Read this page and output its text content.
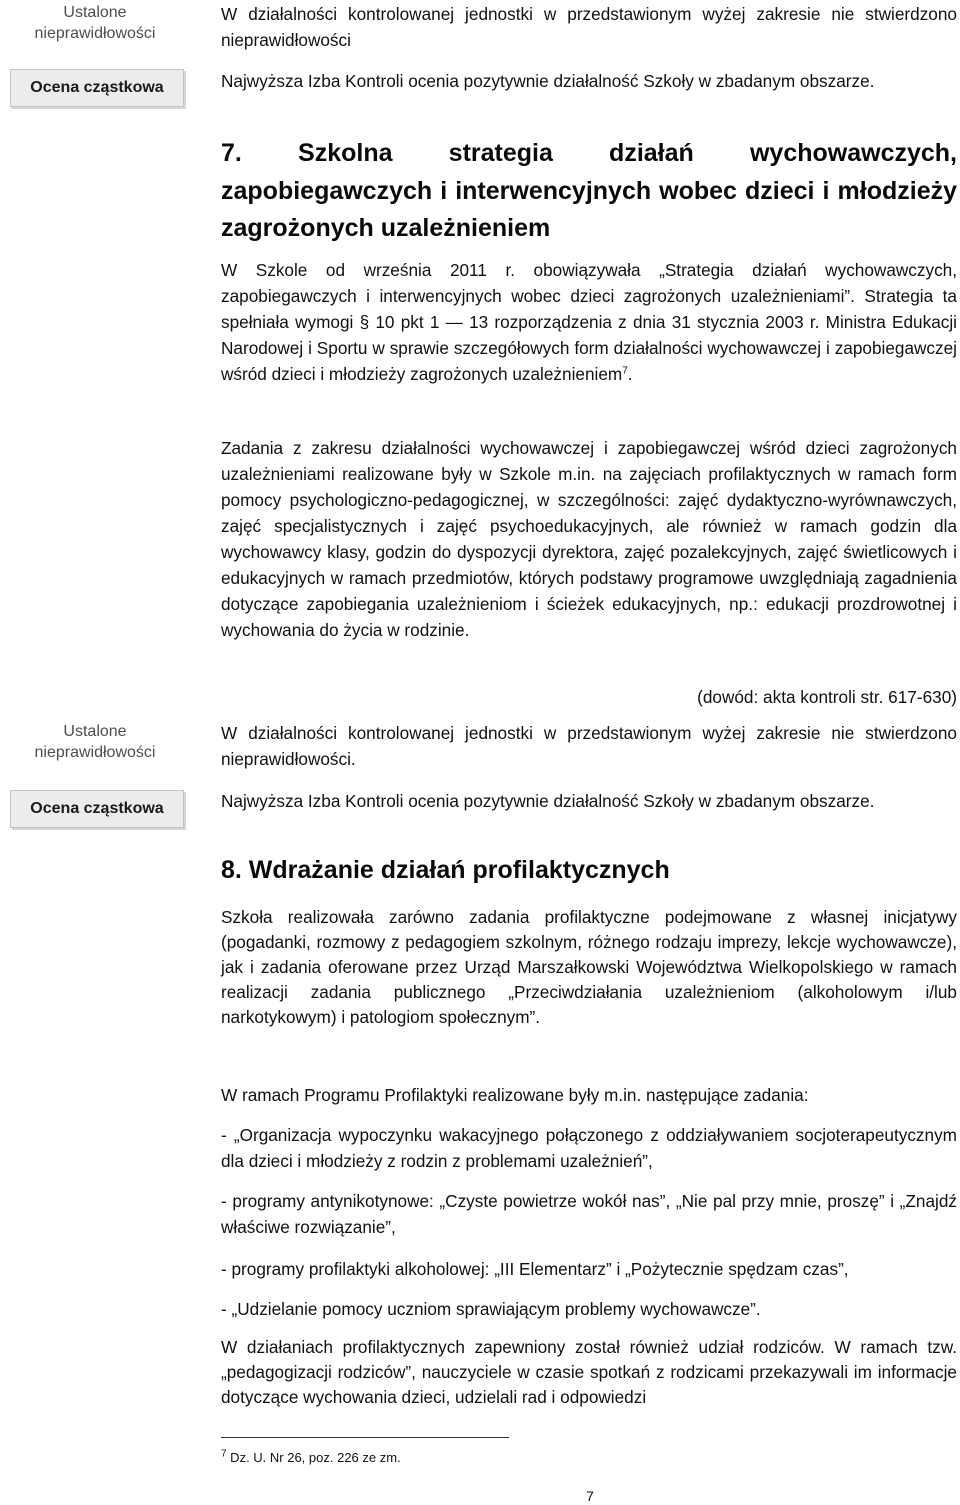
Ustalone
nieprawidłowości
Ocena cząstkowa
Ustalone
nieprawidłowości
Ocena cząstkowa
W działalności kontrolowanej jednostki w przedstawionym wyżej zakresie nie stwierdzono nieprawidłowości
Najwyższa Izba Kontroli ocenia pozytywnie działalność Szkoły w zbadanym obszarze.
7. Szkolna strategia działań wychowawczych, zapobiegawczych i interwencyjnych wobec dzieci i młodzieży zagrożonych uzależnieniem
W Szkole od września 2011 r. obowiązywała „Strategia działań wychowawczych, zapobiegawczych i interwencyjnych wobec dzieci zagrożonych uzależnieniami”. Strategia ta spełniała wymogi § 10 pkt 1 — 13 rozporządzenia z dnia 31 stycznia 2003 r. Ministra Edukacji Narodowej i Sportu w sprawie szczegółowych form działalności wychowawczej i zapobiegawczej wśród dzieci i młodzieży zagrożonych uzależnieniem$^7$.
Zadania z zakresu działalności wychowawczej i zapobiegawczej wśród dzieci zagrożonych uzależnieniami realizowane były w Szkole m.in. na zajęciach profilaktycznych w ramach form pomocy psychologiczno-pedagogicznej, w szczególności: zajęć dydaktyczno-wyrównawczych, zajęć specjalistycznych i zajęć psychoedukacyjnych, ale również w ramach godzin dla wychowawcy klasy, godzin do dyspozycji dyrektora, zajęć pozalekcyjnych, zajęć świetlicowych i edukacyjnych w ramach przedmiotów, których podstawy programowe uwzględniają zagadnienia dotyczące zapobiegania uzależnieniom i ścieżek edukacyjnych, np.: edukacji prozdrowotnej i wychowania do życia w rodzinie.
(dowód: akta kontroli str. 617-630)
W działalności kontrolowanej jednostki w przedstawionym wyżej zakresie nie stwierdzono nieprawidłowości.
Najwyższa Izba Kontroli ocenia pozytywnie działalność Szkoły w zbadanym obszarze.
8. Wdrażanie działań profilaktycznych
Szkoła realizowała zarówno zadania profilaktyczne podejmowane z własnej inicjatywy (pogadanki, rozmowy z pedagogiem szkolnym, różnego rodzaju imprezy, lekcje wychowawcze), jak i zadania oferowane przez Urząd Marszałkowski Województwa Wielkopolskiego w ramach realizacji zadania publicznego „Przeciwdziałania uzależnieniom (alkoholowym i/lub narkotykowym) i patologiom społecznym”.
W ramach Programu Profilaktyki realizowane były m.in. następujące zadania:
- „Organizacja wypoczynku wakacyjnego połączonego z oddziaływaniem socjoterapeutycznym dla dzieci i młodzieży z rodzin z problemami uzależnień”,
- programy antynikotynowe: „Czyste powietrze wokół nas”, „Nie pal przy mnie, proszę” i „Znajdź właściwe rozwiązanie”,
- programy profilaktyki alkoholowej: „III Elementarz” i „Pożytecznie spędzam czas”,
- „Udzielanie pomocy uczniom sprawiającym problemy wychowawcze”.
W działaniach profilaktycznych zapewniony został również udział rodziców. W ramach tzw. „pedagogizacji rodziców”, nauczyciele w czasie spotkań z rodzicami przekazywali im informacje dotyczące wychowania dzieci, udzielali rad i odpowiedzi
$^7$ Dz. U. Nr 26, poz. 226 ze zm.
7
